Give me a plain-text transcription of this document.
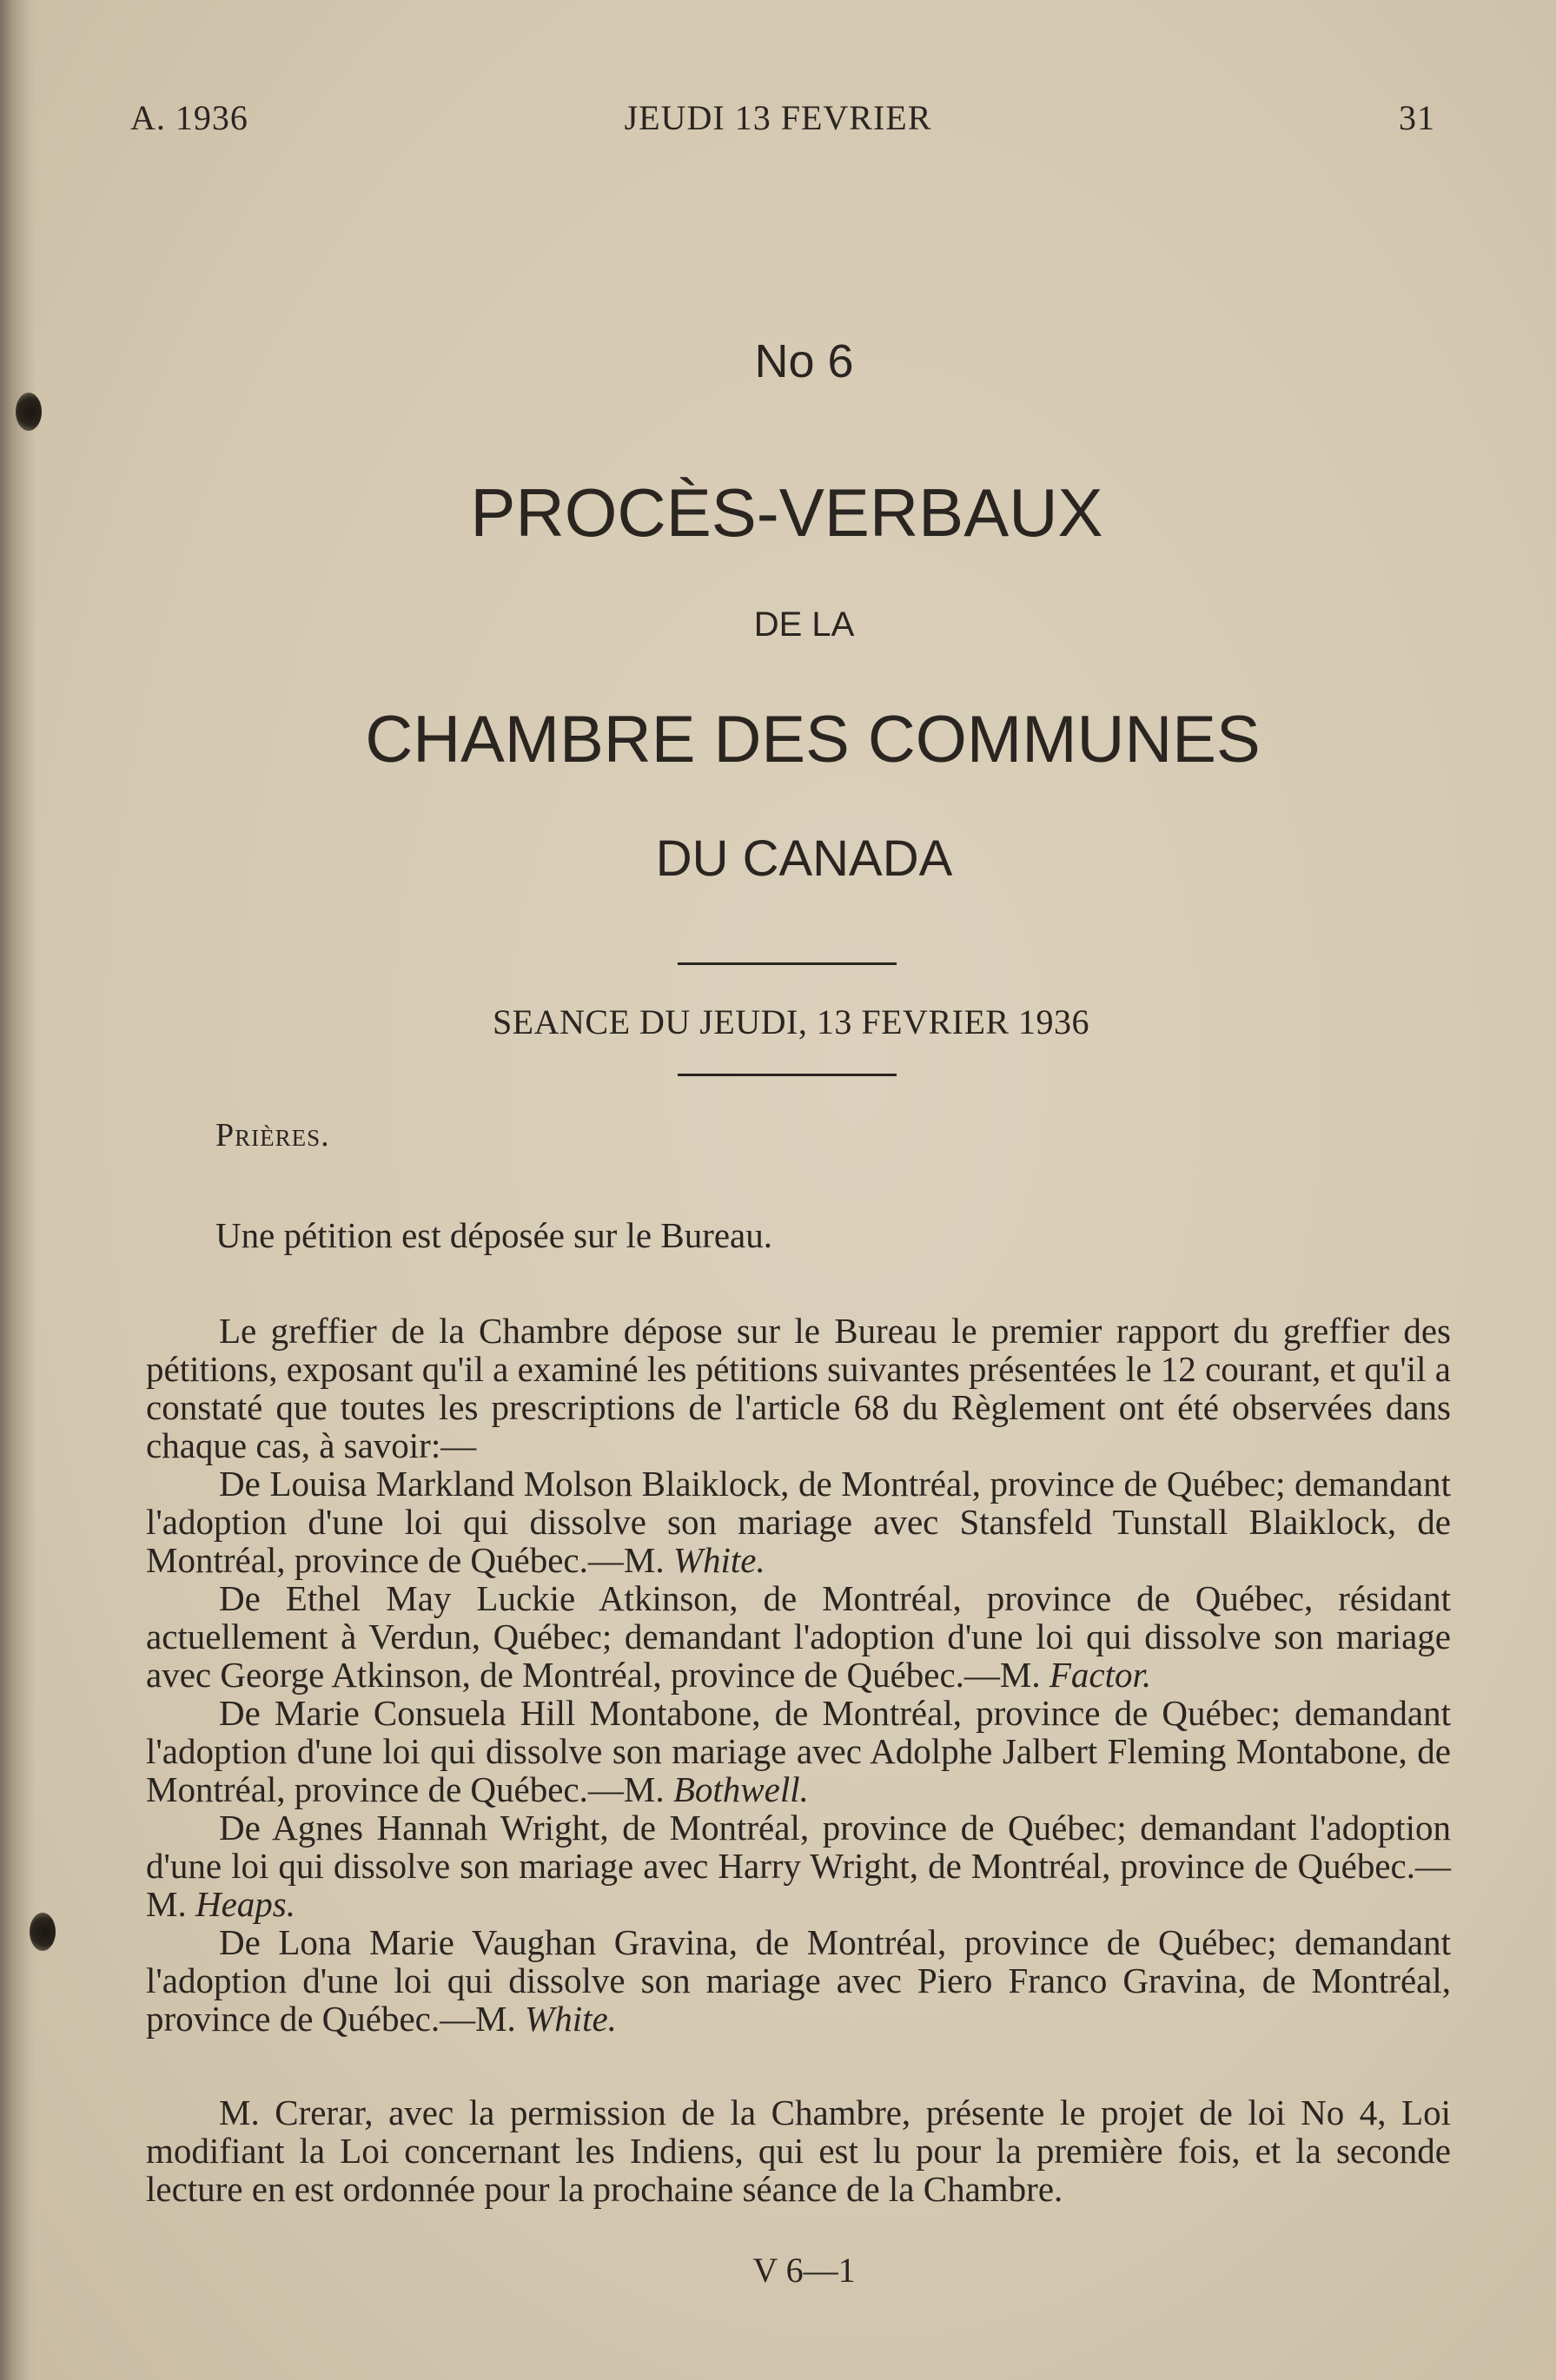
A. 1936	JEUDI 13 FEVRIER	31
No 6
PROCÈS-VERBAUX
DE LA
CHAMBRE DES COMMUNES
DU CANADA
SEANCE DU JEUDI, 13 FEVRIER 1936
Prières.
Une pétition est déposée sur le Bureau.

Le greffier de la Chambre dépose sur le Bureau le premier rapport du greffier des pétitions, exposant qu'il a examiné les pétitions suivantes présentées le 12 courant, et qu'il a constaté que toutes les prescriptions de l'article 68 du Règlement ont été observées dans chaque cas, à savoir:—

De Louisa Markland Molson Blaiklock, de Montréal, province de Québec; demandant l'adoption d'une loi qui dissolve son mariage avec Stansfeld Tunstall Blaiklock, de Montréal, province de Québec.—M. White.

De Ethel May Luckie Atkinson, de Montréal, province de Québec, résidant actuellement à Verdun, Québec; demandant l'adoption d'une loi qui dissolve son mariage avec George Atkinson, de Montréal, province de Québec.—M. Factor.

De Marie Consuela Hill Montabone, de Montréal, province de Québec; demandant l'adoption d'une loi qui dissolve son mariage avec Adolphe Jalbert Fleming Montabone, de Montréal, province de Québec.—M. Bothwell.

De Agnes Hannah Wright, de Montréal, province de Québec; demandant l'adoption d'une loi qui dissolve son mariage avec Harry Wright, de Montréal, province de Québec.—M. Heaps.

De Lona Marie Vaughan Gravina, de Montréal, province de Québec; demandant l'adoption d'une loi qui dissolve son mariage avec Piero Franco Gravina, de Montréal, province de Québec.—M. White.

M. Crerar, avec la permission de la Chambre, présente le projet de loi No 4, Loi modifiant la Loi concernant les Indiens, qui est lu pour la première fois, et la seconde lecture en est ordonnée pour la prochaine séance de la Chambre.

V 6—1
